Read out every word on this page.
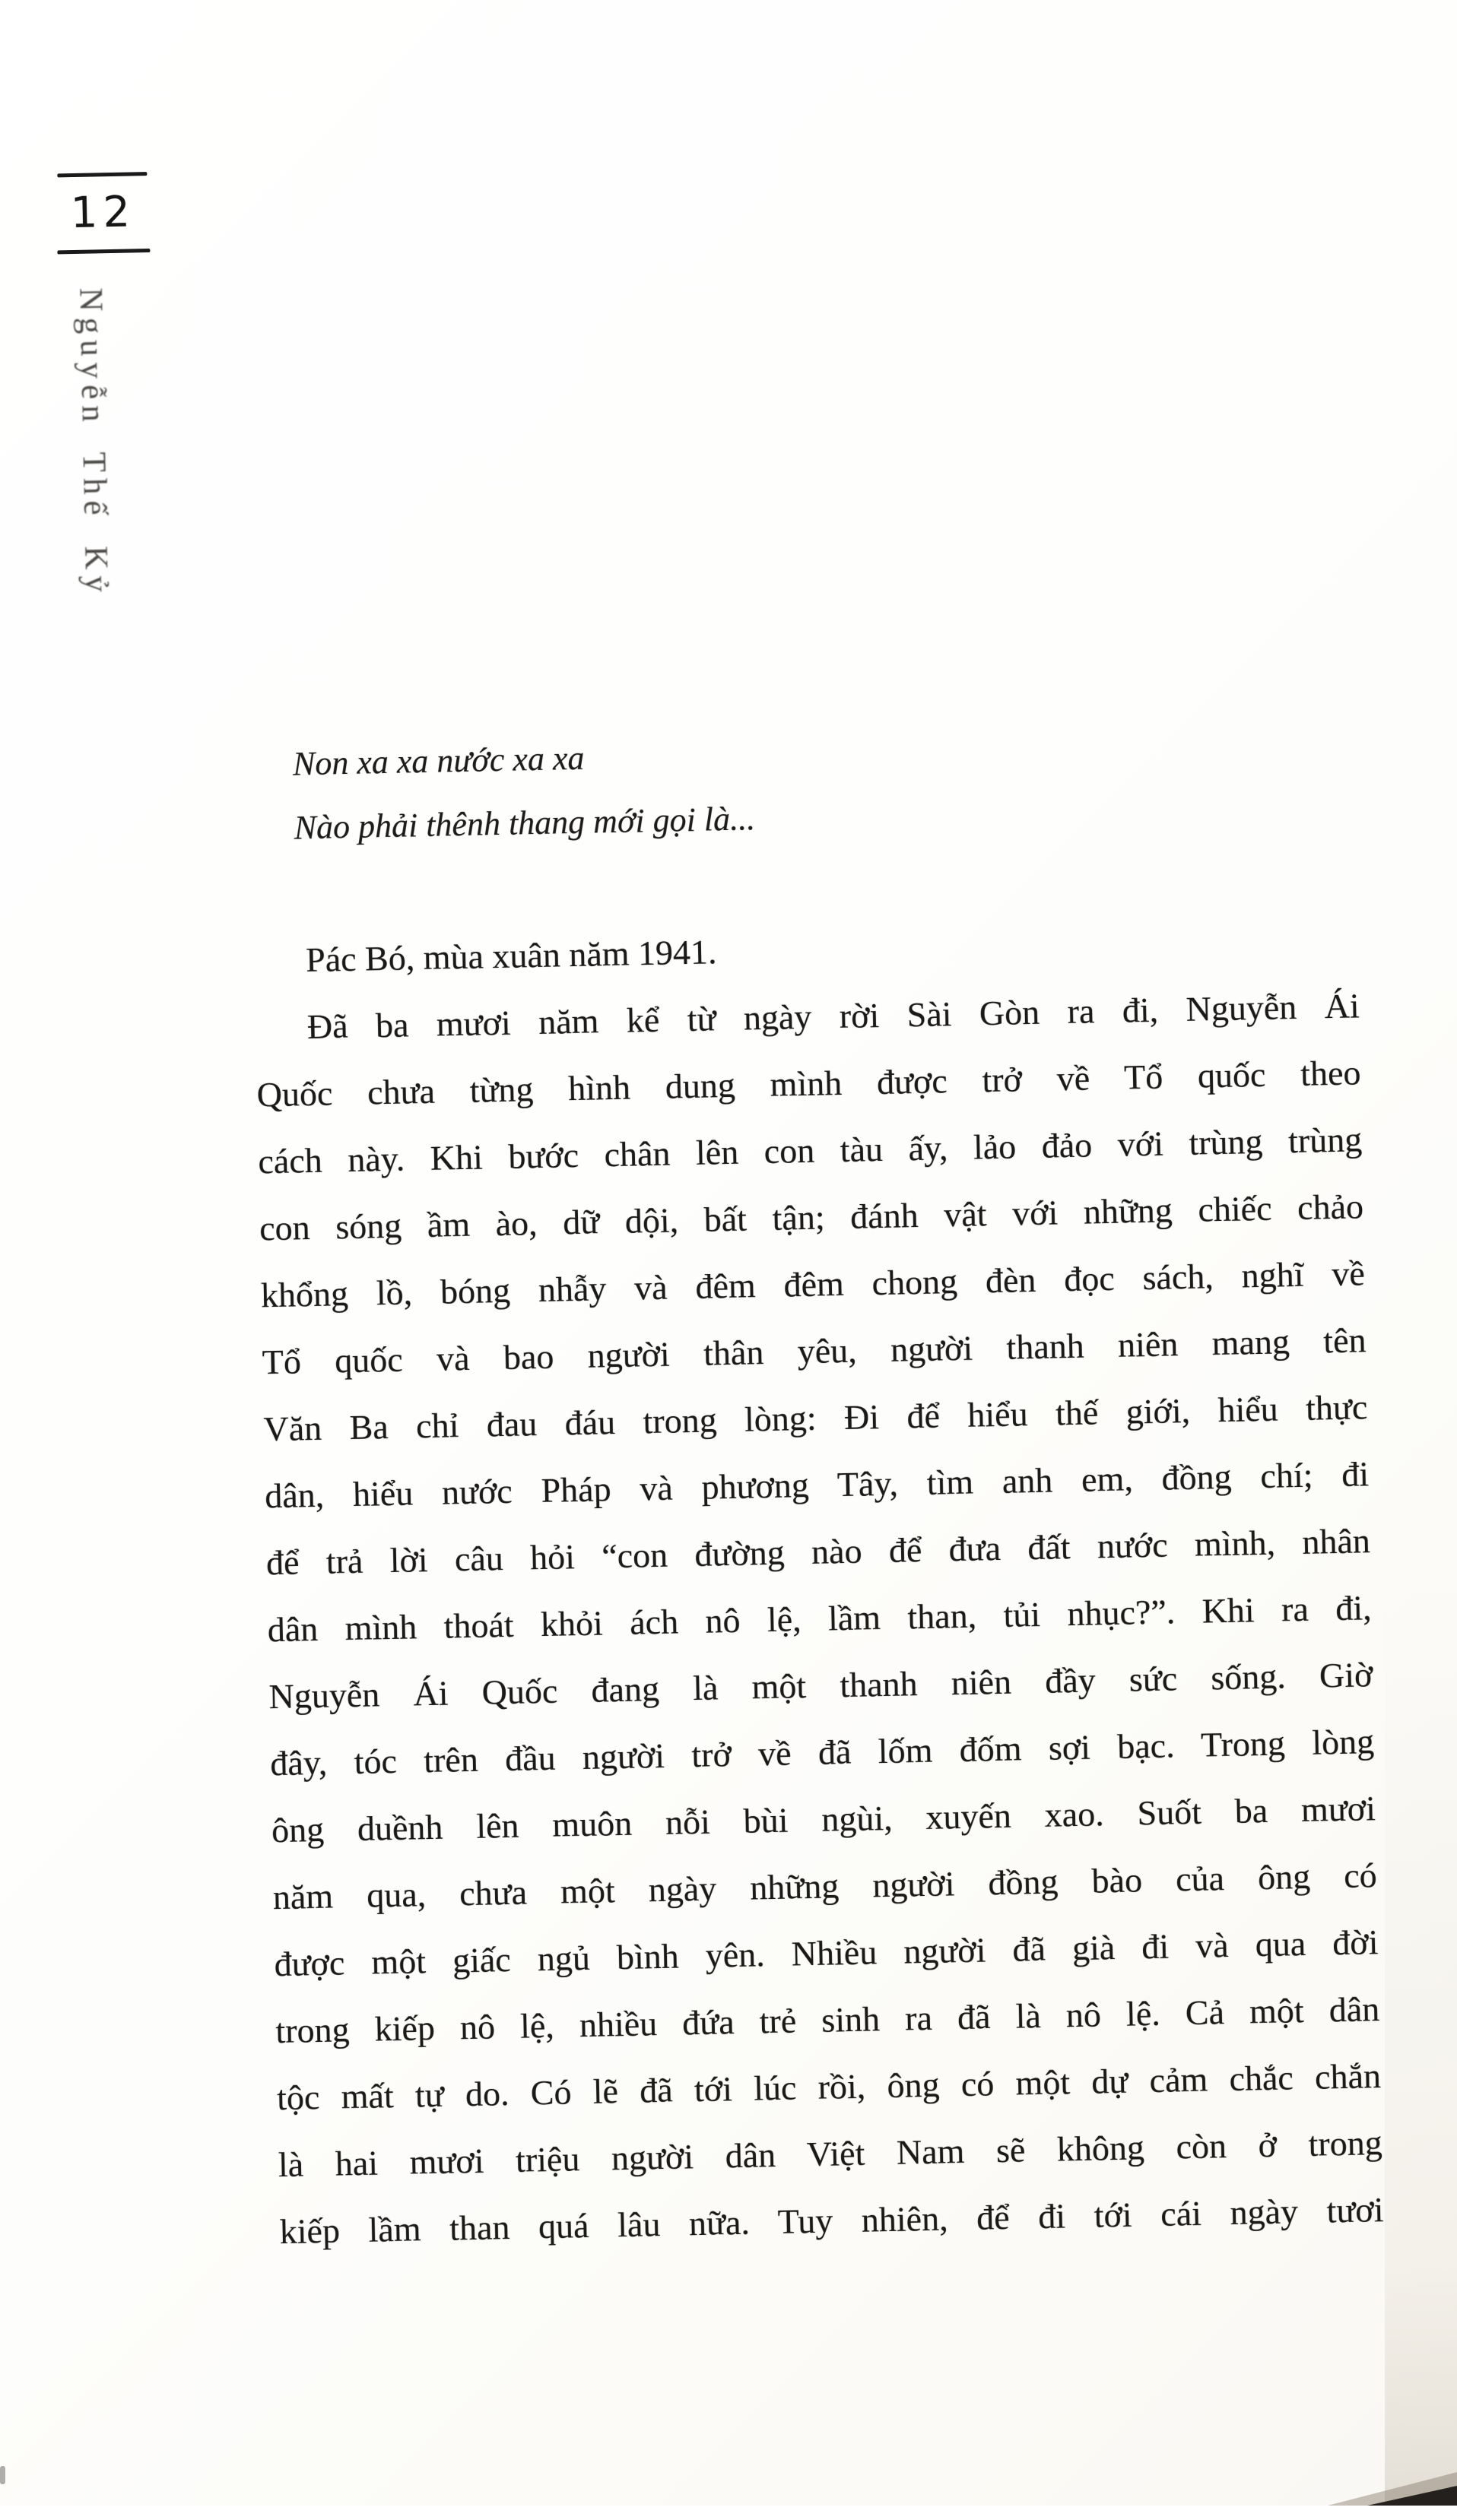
12
Nguyễn Thế Kỷ
Non xa xa nước xa xa
Nào phải thênh thang mới gọi là...
Pác Bó, mùa xuân năm 1941.
Đã ba mươi năm kể từ ngày rời Sài Gòn ra đi, Nguyễn Ái
Quốc chưa từng hình dung mình được trở về Tổ quốc theo
cách này. Khi bước chân lên con tàu ấy, lảo đảo với trùng trùng
con sóng ầm ào, dữ dội, bất tận; đánh vật với những chiếc chảo
khổng lồ, bóng nhẫy và đêm đêm chong đèn đọc sách, nghĩ về
Tổ quốc và bao người thân yêu, người thanh niên mang tên
Văn Ba chỉ đau đáu trong lòng: Đi để hiểu thế giới, hiểu thực
dân, hiểu nước Pháp và phương Tây, tìm anh em, đồng chí; đi
để trả lời câu hỏi “con đường nào để đưa đất nước mình, nhân
dân mình thoát khỏi ách nô lệ, lầm than, tủi nhục?”. Khi ra đi,
Nguyễn Ái Quốc đang là một thanh niên đầy sức sống. Giờ
đây, tóc trên đầu người trở về đã lốm đốm sợi bạc. Trong lòng
ông duềnh lên muôn nỗi bùi ngùi, xuyến xao. Suốt ba mươi
năm qua, chưa một ngày những người đồng bào của ông có
được một giấc ngủ bình yên. Nhiều người đã già đi và qua đời
trong kiếp nô lệ, nhiều đứa trẻ sinh ra đã là nô lệ. Cả một dân
tộc mất tự do. Có lẽ đã tới lúc rồi, ông có một dự cảm chắc chắn
là hai mươi triệu người dân Việt Nam sẽ không còn ở trong
kiếp lầm than quá lâu nữa. Tuy nhiên, để đi tới cái ngày tươi
